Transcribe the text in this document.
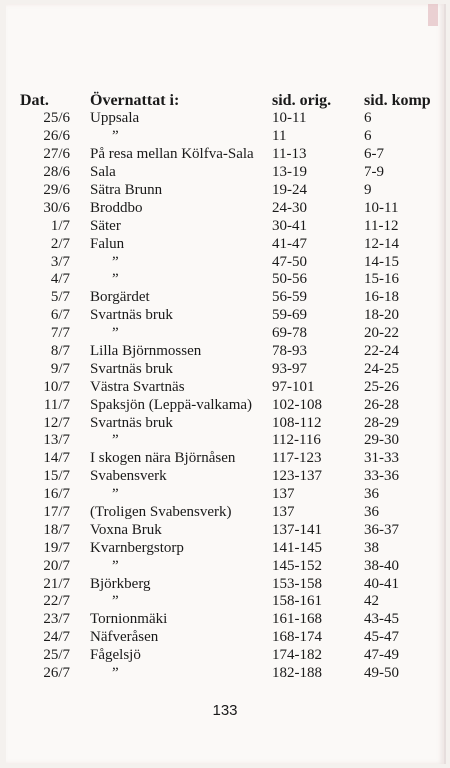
Dat.	Övernattat i:	sid. orig.	sid. komp
25/6	Uppsala	10-11	6
26/6	”	11	6
27/6	På resa mellan Kölfva-Sala	11-13	6-7
28/6	Sala	13-19	7-9
29/6	Sätra Brunn	19-24	9
30/6	Broddbo	24-30	10-11
1/7	Säter	30-41	11-12
2/7	Falun	41-47	12-14
3/7	”	47-50	14-15
4/7	”	50-56	15-16
5/7	Borgärdet	56-59	16-18
6/7	Svartnäs bruk	59-69	18-20
7/7	”	69-78	20-22
8/7	Lilla Björnmossen	78-93	22-24
9/7	Svartnäs bruk	93-97	24-25
10/7	Västra Svartnäs	97-101	25-26
11/7	Spaksjön (Leppä-valkama)	102-108	26-28
12/7	Svartnäs bruk	108-112	28-29
13/7	”	112-116	29-30
14/7	I skogen nära Björnåsen	117-123	31-33
15/7	Svabensverk	123-137	33-36
16/7	”	137	36
17/7	(Troligen Svabensverk)	137	36
18/7	Voxna Bruk	137-141	36-37
19/7	Kvarnbergstorp	141-145	38
20/7	”	145-152	38-40
21/7	Björkberg	153-158	40-41
22/7	”	158-161	42
23/7	Tornionmäki	161-168	43-45
24/7	Näfveråsen	168-174	45-47
25/7	Fågelsjö	174-182	47-49
26/7	”	182-188	49-50
133
